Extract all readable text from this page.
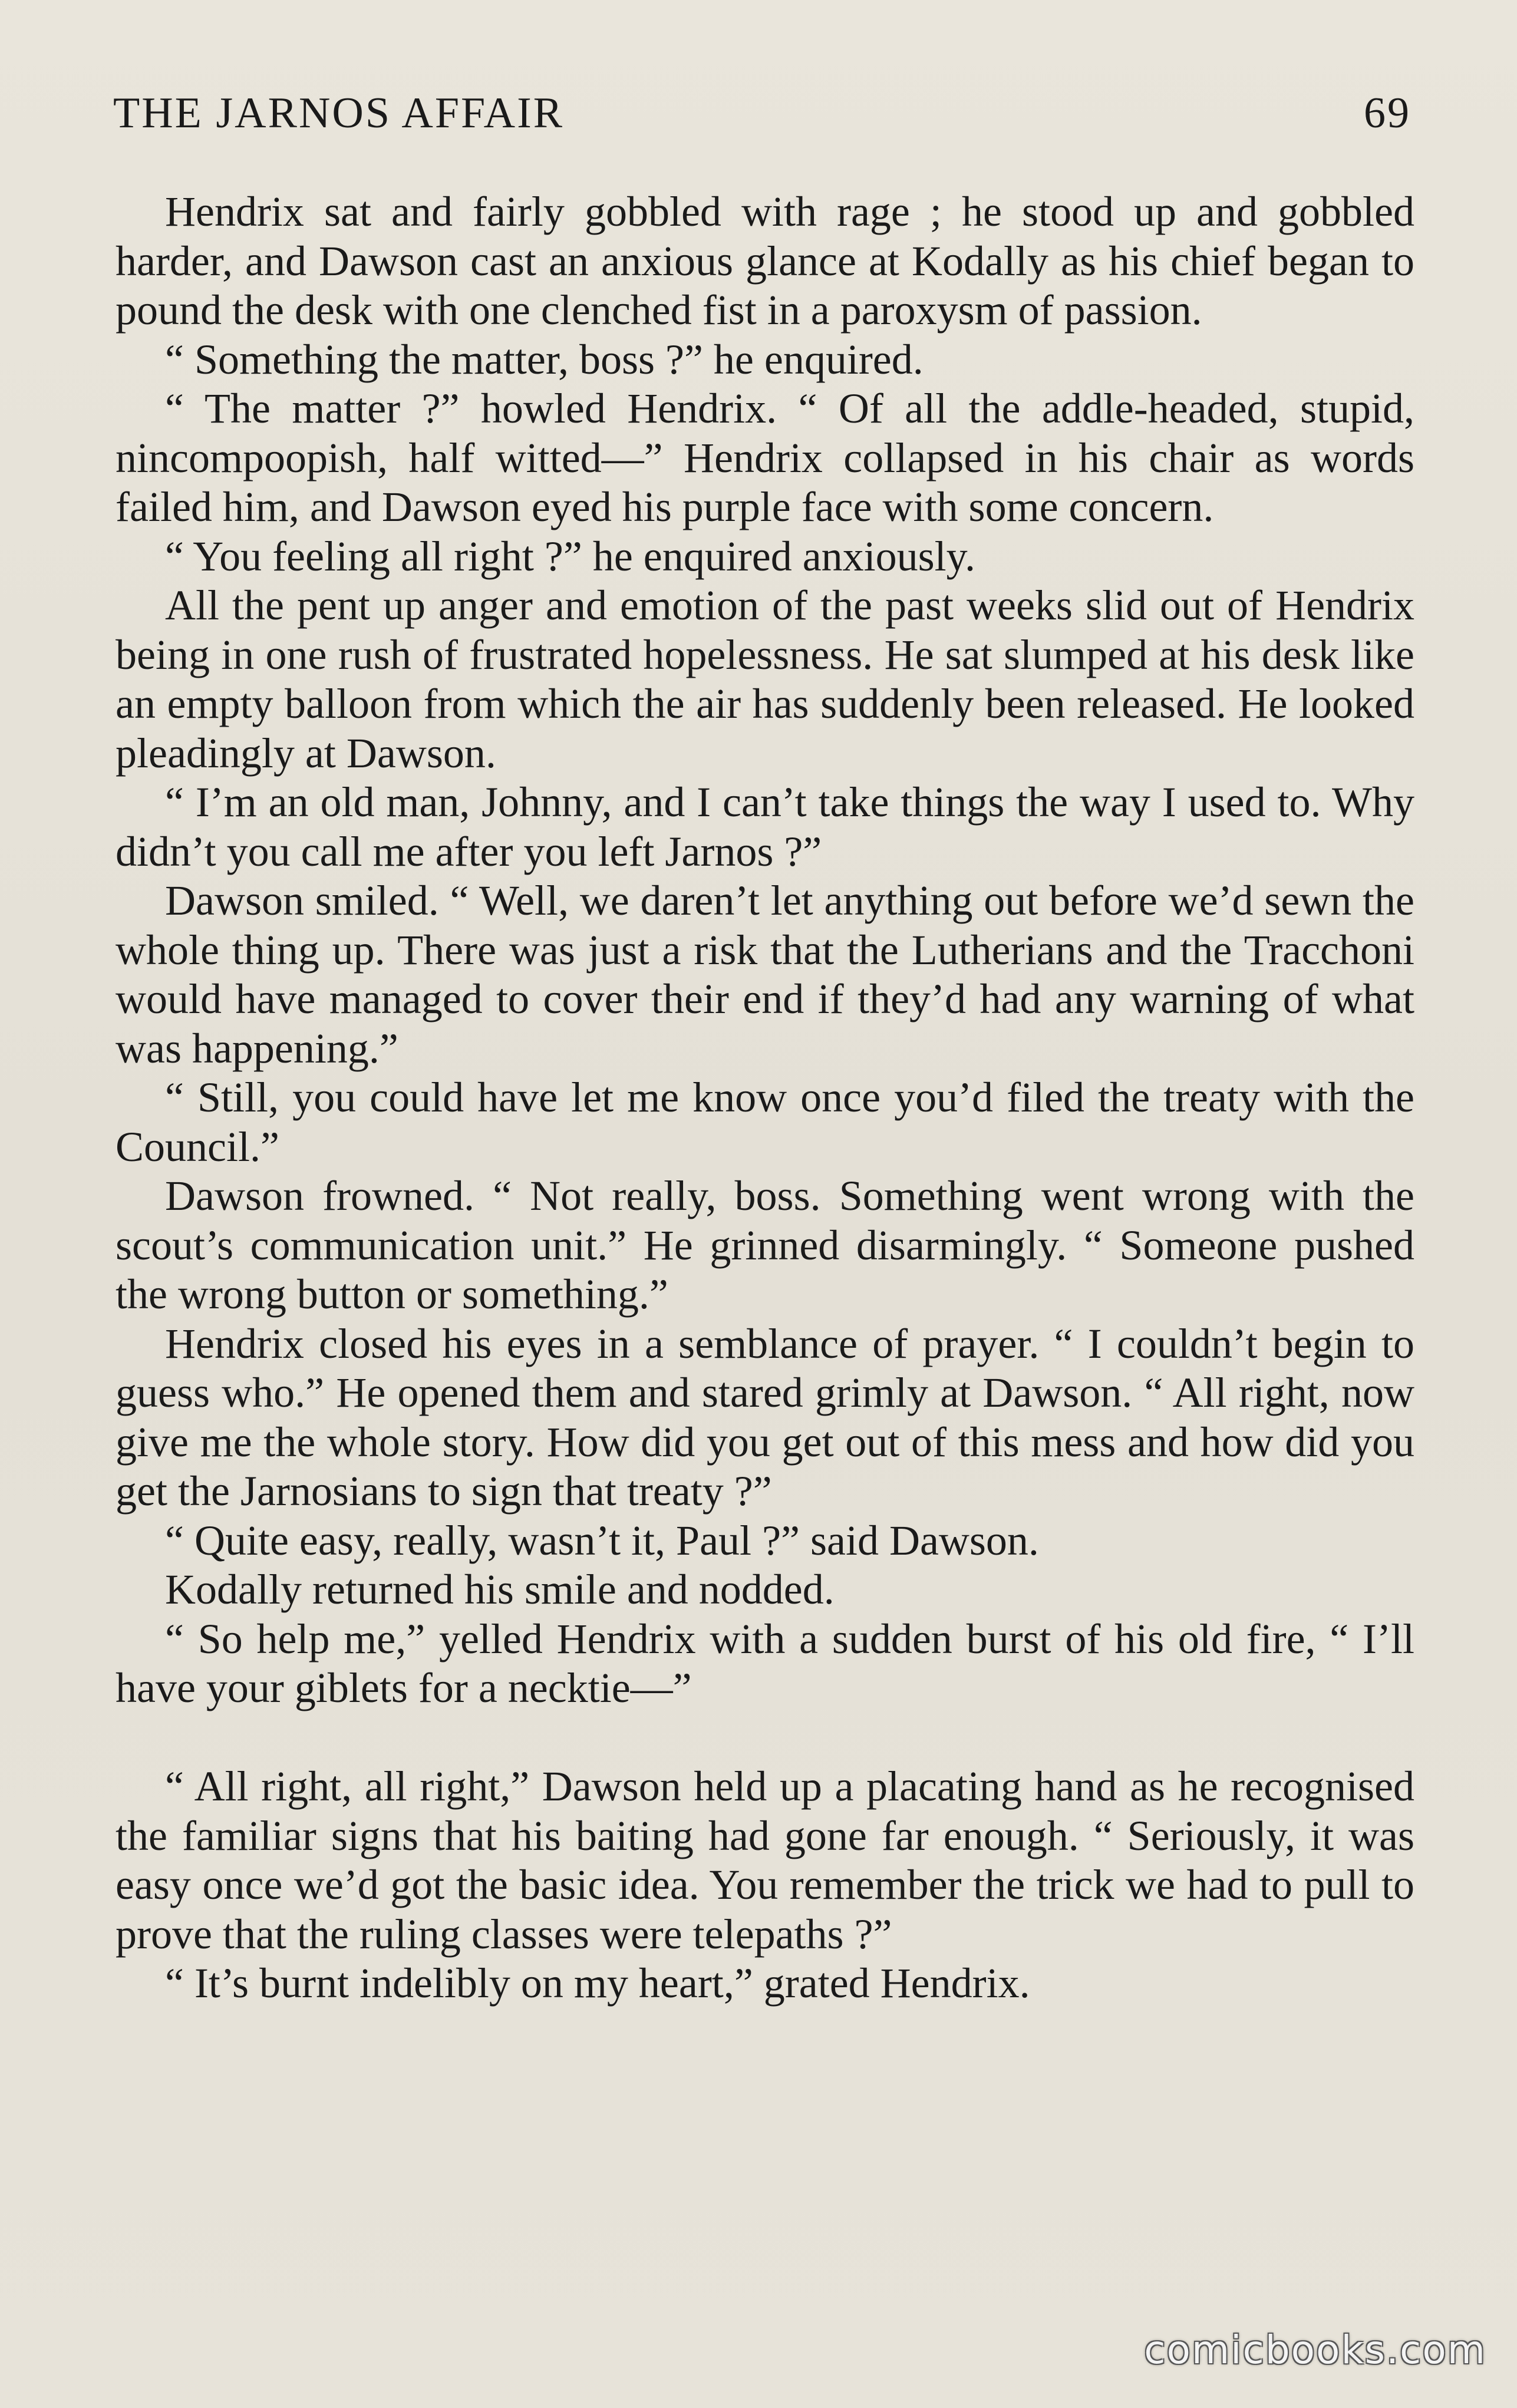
THE JARNOS AFFAIR	69

Hendrix sat and fairly gobbled with rage ; he stood up and gobbled harder, and Dawson cast an anxious glance at Kodally as his chief began to pound the desk with one clenched fist in a paroxysm of passion.

“ Something the matter, boss ?” he enquired.

“ The matter ?” howled Hendrix. “ Of all the addle-headed, stupid, nincompoopish, half witted—” Hendrix collapsed in his chair as words failed him, and Dawson eyed his purple face with some concern.

“ You feeling all right ?” he enquired anxiously.

All the pent up anger and emotion of the past weeks slid out of Hendrix being in one rush of frustrated hopelessness. He sat slumped at his desk like an empty balloon from which the air has suddenly been released. He looked pleadingly at Dawson.

“ I’m an old man, Johnny, and I can’t take things the way I used to. Why didn’t you call me after you left Jarnos ?”

Dawson smiled. “ Well, we daren’t let anything out before we’d sewn the whole thing up. There was just a risk that the Lutherians and the Tracchoni would have managed to cover their end if they’d had any warning of what was happening.”

“ Still, you could have let me know once you’d filed the treaty with the Council.”

Dawson frowned. “ Not really, boss. Something went wrong with the scout’s communication unit.” He grinned disarmingly. “ Someone pushed the wrong button or something.”

Hendrix closed his eyes in a semblance of prayer. “ I couldn’t begin to guess who.” He opened them and stared grimly at Dawson. “ All right, now give me the whole story. How did you get out of this mess and how did you get the Jarnosians to sign that treaty ?”

“ Quite easy, really, wasn’t it, Paul ?” said Dawson.

Kodally returned his smile and nodded.

“ So help me,” yelled Hendrix with a sudden burst of his old fire, “ I’ll have your giblets for a necktie—”

“ All right, all right,” Dawson held up a placating hand as he recognised the familiar signs that his baiting had gone far enough. “ Seriously, it was easy once we’d got the basic idea. You remember the trick we had to pull to prove that the ruling classes were telepaths ?”

“ It’s burnt indelibly on my heart,” grated Hendrix.

comicbooks.com
